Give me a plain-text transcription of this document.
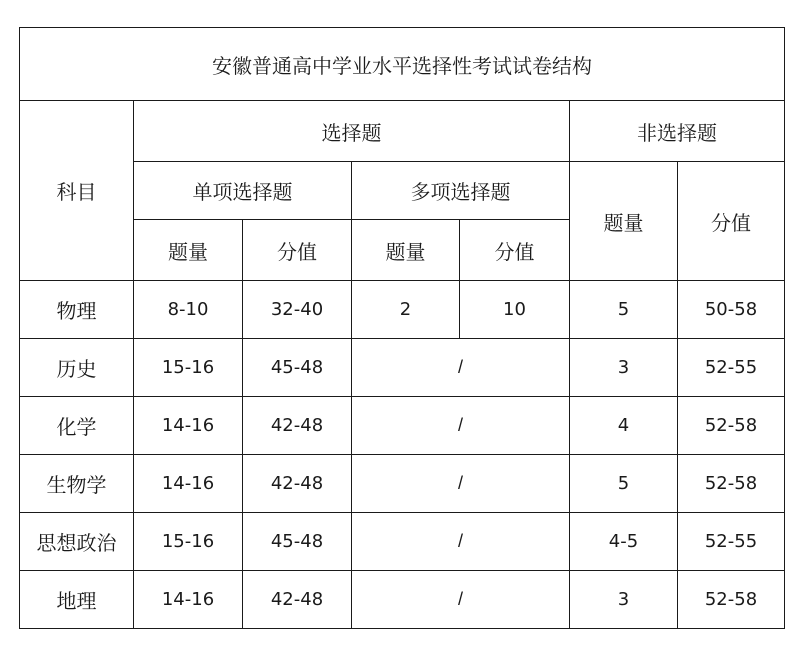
安徽普通高中学业水平选择性考试试卷结构						
科目	选择题				非选择题	
	单项选择题		多项选择题		题量	分值
	题量	分值	题量	分值		
物理	8-10	32-40	2	10	5	50-58
历史	15-16	45-48	/		3	52-55
化学	14-16	42-48	/		4	52-58
生物学	14-16	42-48	/		5	52-58
思想政治	15-16	45-48	/		4-5	52-55
地理	14-16	42-48	/		3	52-58
